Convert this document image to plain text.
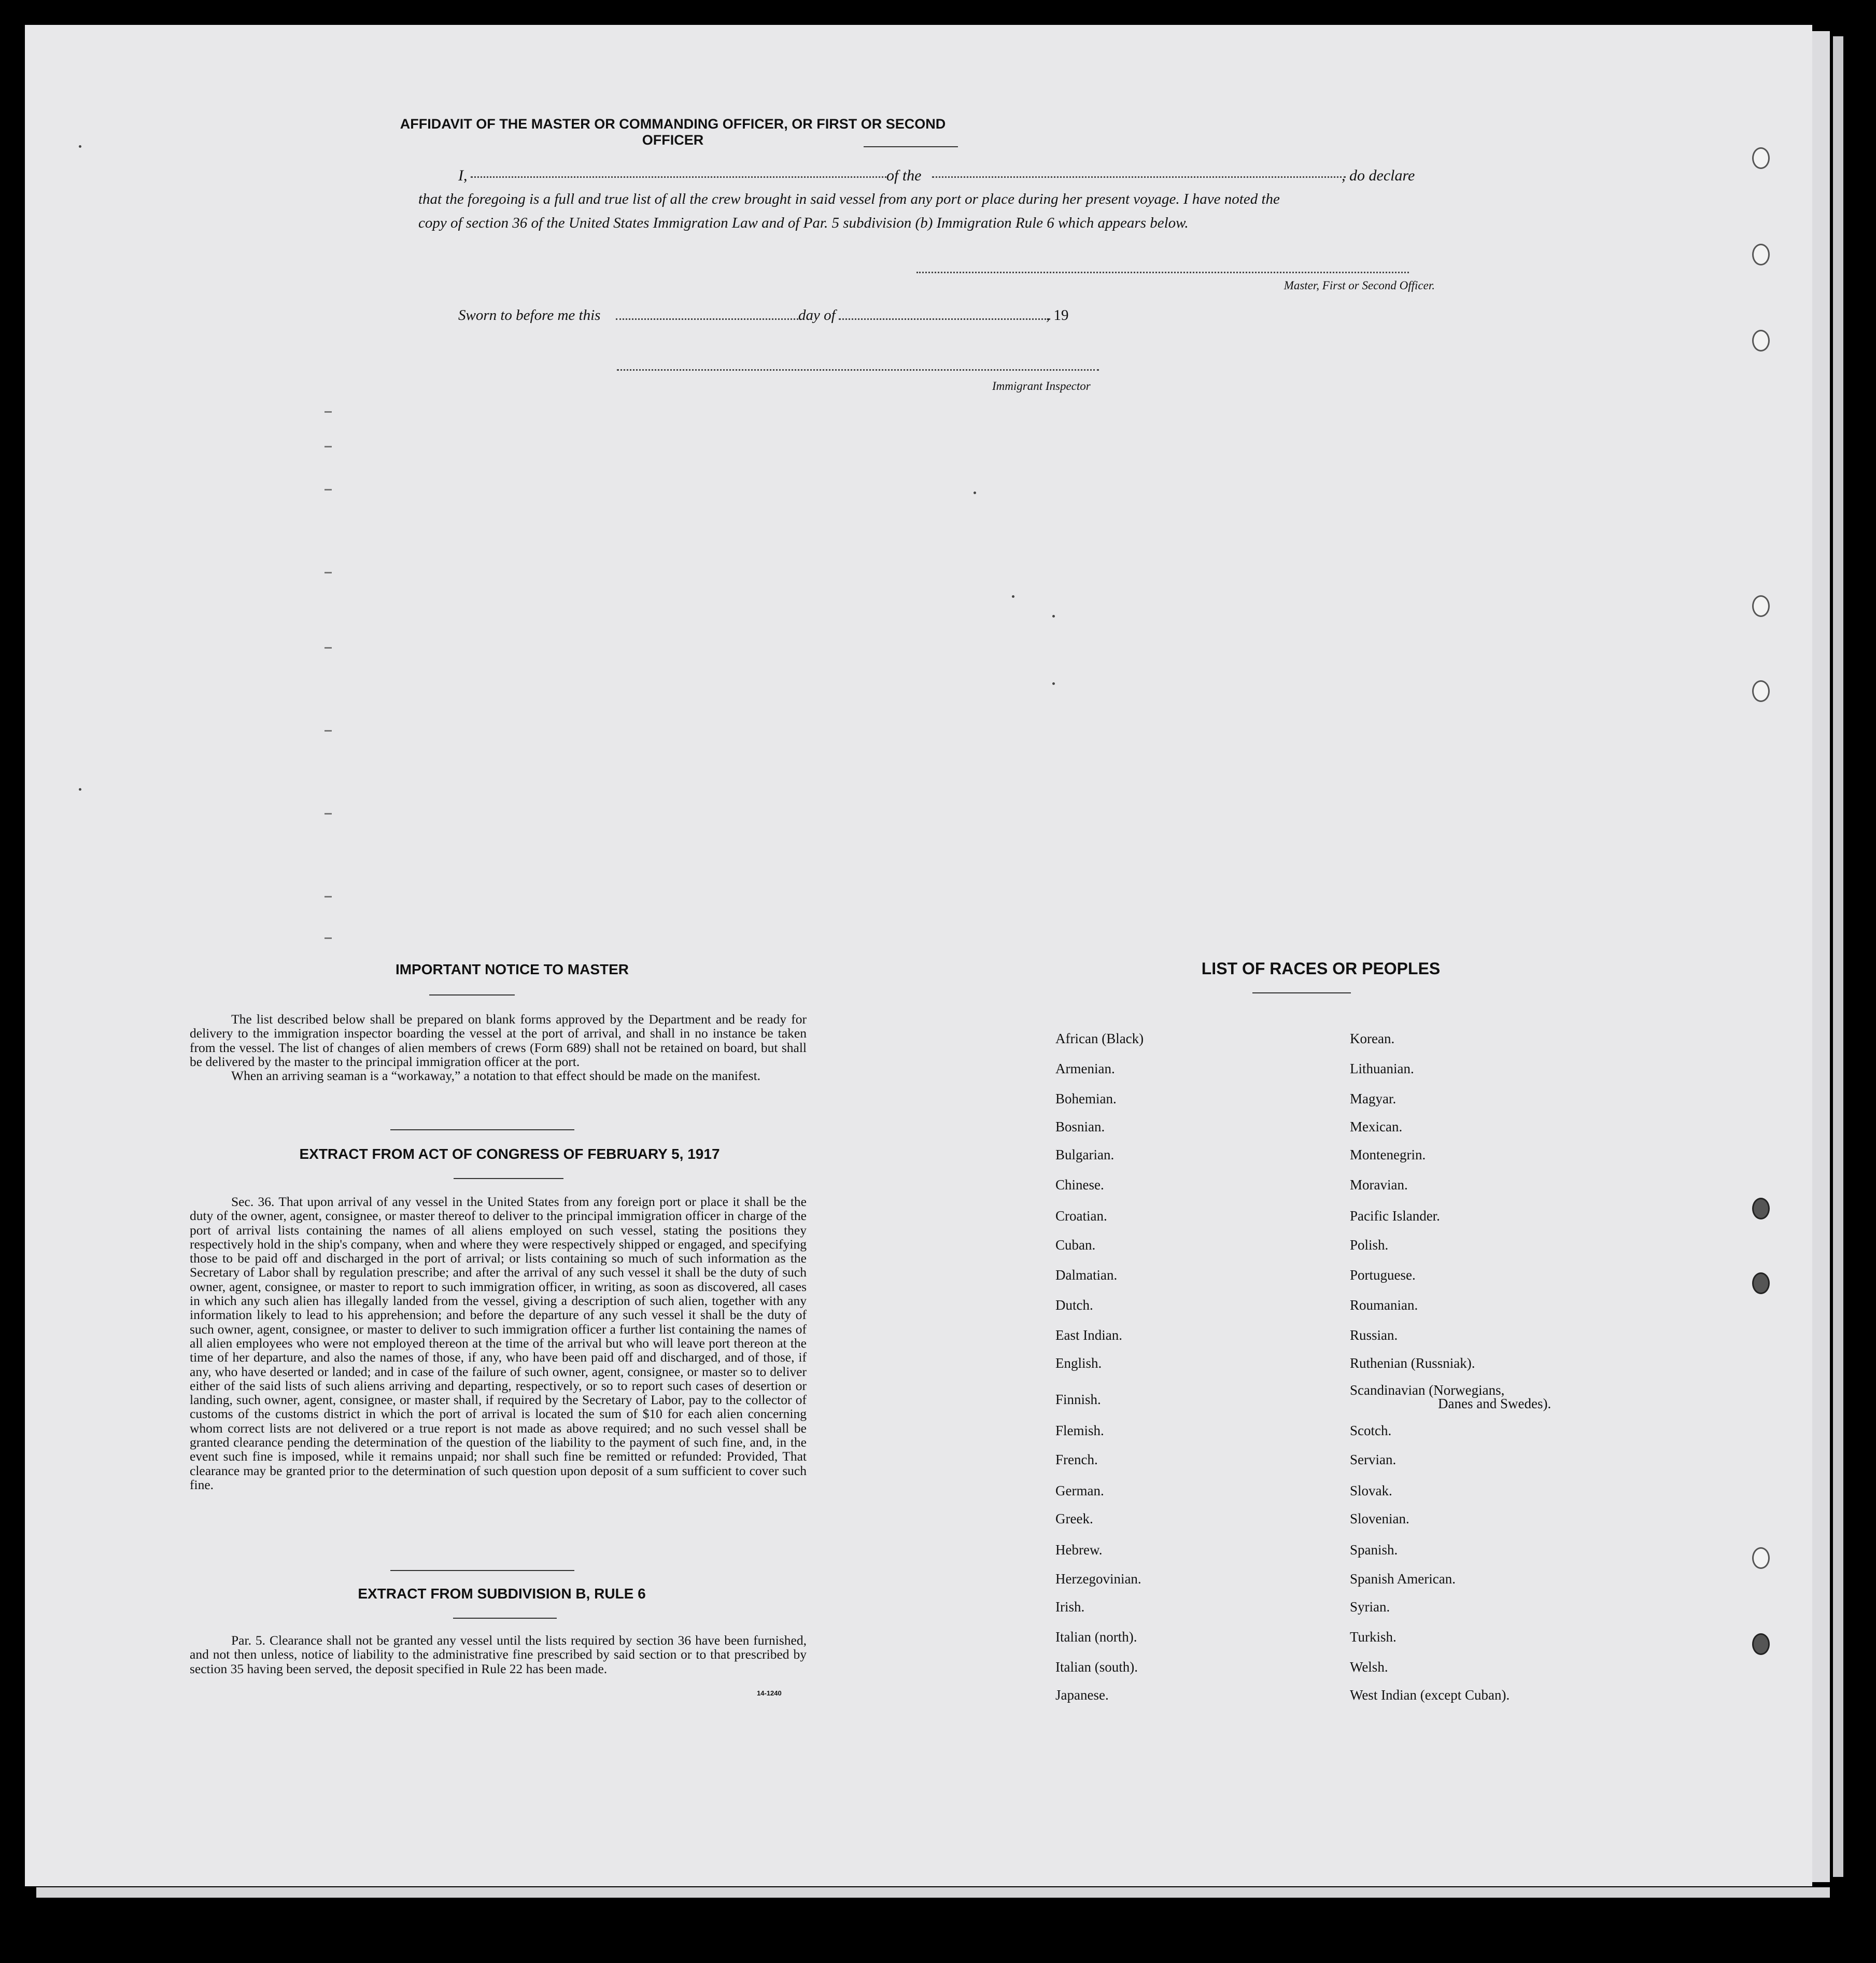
AFFIDAVIT OF THE MASTER OR COMMANDING OFFICER, OR FIRST OR SECOND OFFICER
I,	of the	, do declare
that the foregoing is a full and true list of all the crew brought in said vessel from any port or place during her present voyage. I have noted the
copy of section 36 of the United States Immigration Law and of Par. 5 subdivision (b) Immigration Rule 6 which appears below.
Master, First or Second Officer.
Sworn to before me this	day of	, 19
Immigrant Inspector
IMPORTANT NOTICE TO MASTER

The list described below shall be prepared on blank forms approved by the Department and be ready for delivery to the immigration inspector boarding the vessel at the port of arrival, and shall in no instance be taken from the vessel. The list of changes of alien members of crews (Form 689) shall not be retained on board, but shall be delivered by the master to the principal immigration officer at the port.

When an arriving seaman is a “workaway,” a notation to that effect should be made on the manifest.

EXTRACT FROM ACT OF CONGRESS OF FEBRUARY 5, 1917
Sec. 36. That upon arrival of any vessel in the United States from any foreign port or place it shall be the duty of the owner, agent, consignee, or master thereof to deliver to the principal immigration officer in charge of the port of arrival lists containing the names of all aliens employed on such vessel, stating the positions they respectively hold in the ship's company, when and where they were respectively shipped or engaged, and specifying those to be paid off and discharged in the port of arrival; or lists containing so much of such information as the Secretary of Labor shall by regulation prescribe; and after the arrival of any such vessel it shall be the duty of such owner, agent, consignee, or master to report to such immigration officer, in writing, as soon as discovered, all cases in which any such alien has illegally landed from the vessel, giving a description of such alien, together with any information likely to lead to his apprehension; and before the departure of any such vessel it shall be the duty of such owner, agent, consignee, or master to deliver to such immigration officer a further list containing the names of all alien employees who were not employed thereon at the time of the arrival but who will leave port thereon at the time of her departure, and also the names of those, if any, who have been paid off and discharged, and of those, if any, who have deserted or landed; and in case of the failure of such owner, agent, consignee, or master so to deliver either of the said lists of such aliens arriving and departing, respectively, or so to report such cases of desertion or landing, such owner, agent, consignee, or master shall, if required by the Secretary of Labor, pay to the collector of customs of the customs district in which the port of arrival is located the sum of $10 for each alien concerning whom correct lists are not delivered or a true report is not made as above required; and no such vessel shall be granted clearance pending the determination of the question of the liability to the payment of such fine, and, in the event such fine is imposed, while it remains unpaid; nor shall such fine be remitted or refunded: Provided, That clearance may be granted prior to the determination of such question upon deposit of a sum sufficient to cover such fine.
EXTRACT FROM SUBDIVISION B, RULE 6
Par. 5. Clearance shall not be granted any vessel until the lists required by section 36 have been furnished, and not then unless, notice of liability to the administrative fine prescribed by said section or to that prescribed by section 35 having been served, the deposit specified in Rule 22 has been made.
14-1240
LIST OF RACES OR PEOPLES
African (Black)
Armenian.
Bohemian.
Bosnian.
Bulgarian.
Chinese.
Croatian.
Cuban.
Dalmatian.
Dutch.
East Indian.
English.
Finnish.
Flemish.
French.
German.
Greek.
Hebrew.
Herzegovinian.
Irish.
Italian (north).
Italian (south).
Japanese.
Korean.
Lithuanian.
Magyar.
Mexican.
Montenegrin.
Moravian.
Pacific Islander.
Polish.
Portuguese.
Roumanian.
Russian.
Ruthenian (Russniak).
Scandinavian (Norwegians,
Danes and Swedes).
Scotch.
Servian.
Slovak.
Slovenian.
Spanish.
Spanish American.
Syrian.
Turkish.
Welsh.
West Indian (except Cuban).
